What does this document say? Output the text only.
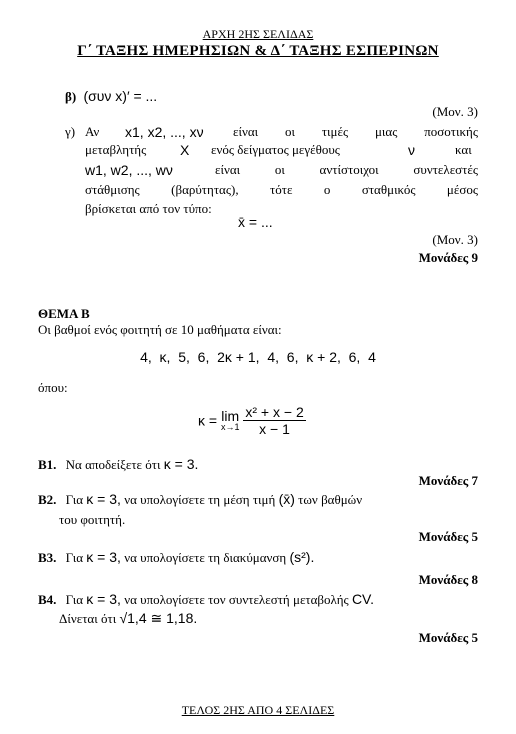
ΑΡΧΗ 2ΗΣ ΣΕΛΙΔΑΣ
Γ΄ ΤΑΞΗΣ ΗΜΕΡΗΣΙΩΝ & Δ΄ ΤΑΞΗΣ ΕΣΠΕΡΙΝΩΝ
β) (συν x)′ = ...
(Μον. 3)
γ) Αν x1, x2, ..., xν είναι οι τιμές μιας ποσοτικής
μεταβλητής X ενός δείγματος μεγέθους	ν	και
w1, w2, ..., wν	είναι οι αντίστοιχοι συντελεστές
στάθμισης (βαρύτητας), τότε ο σταθμικός μέσος
βρίσκεται από τον τύπο:
x̄ = ...
(Μον. 3)
Μονάδες 9
ΘΕΜΑ Β
Οι βαθμοί ενός φοιτητή σε 10 μαθήματα είναι:
4,  κ,  5,  6,  2κ + 1,  4,  6,  κ + 2,  6,  4
όπου:
κ = lim
x→1
$\frac{\text{x² + x − 2}}{x - 1}$
B1. Να αποδείξετε ότι κ = 3.
Μονάδες 7
B2. Για κ = 3, να υπολογίσετε τη μέση τιμή (x̄) των βαθμών
του φοιτητή.
Μονάδες 5
B3. Για κ = 3, να υπολογίσετε τη διακύμανση (s²).
Μονάδες 8
B4. Για κ = 3, να υπολογίσετε τον συντελεστή μεταβολής CV.
Δίνεται ότι √1,4 ≅ 1,18.
Μονάδες 5
ΤΕΛΟΣ 2ΗΣ ΑΠΟ 4 ΣΕΛΙΔΕΣ
